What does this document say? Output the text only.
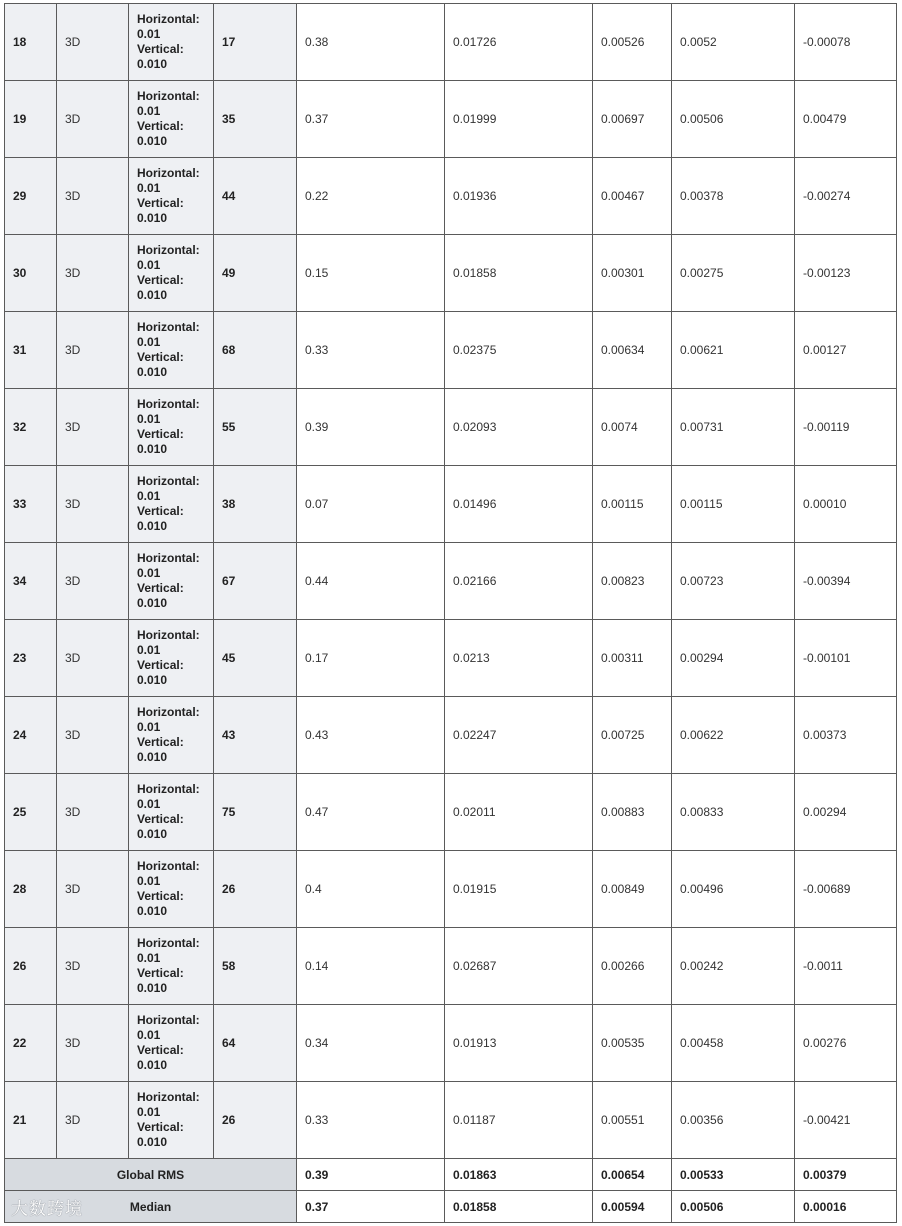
18	3D	Horizontal:
0.01
Vertical:
0.010	17	0.38	0.01726	0.00526	0.0052	-0.00078
19	3D	Horizontal:
0.01
Vertical:
0.010	35	0.37	0.01999	0.00697	0.00506	0.00479
29	3D	Horizontal:
0.01
Vertical:
0.010	44	0.22	0.01936	0.00467	0.00378	-0.00274
30	3D	Horizontal:
0.01
Vertical:
0.010	49	0.15	0.01858	0.00301	0.00275	-0.00123
31	3D	Horizontal:
0.01
Vertical:
0.010	68	0.33	0.02375	0.00634	0.00621	0.00127
32	3D	Horizontal:
0.01
Vertical:
0.010	55	0.39	0.02093	0.0074	0.00731	-0.00119
33	3D	Horizontal:
0.01
Vertical:
0.010	38	0.07	0.01496	0.00115	0.00115	0.00010
34	3D	Horizontal:
0.01
Vertical:
0.010	67	0.44	0.02166	0.00823	0.00723	-0.00394
23	3D	Horizontal:
0.01
Vertical:
0.010	45	0.17	0.0213	0.00311	0.00294	-0.00101
24	3D	Horizontal:
0.01
Vertical:
0.010	43	0.43	0.02247	0.00725	0.00622	0.00373
25	3D	Horizontal:
0.01
Vertical:
0.010	75	0.47	0.02011	0.00883	0.00833	0.00294
28	3D	Horizontal:
0.01
Vertical:
0.010	26	0.4	0.01915	0.00849	0.00496	-0.00689
26	3D	Horizontal:
0.01
Vertical:
0.010	58	0.14	0.02687	0.00266	0.00242	-0.0011
22	3D	Horizontal:
0.01
Vertical:
0.010	64	0.34	0.01913	0.00535	0.00458	0.00276
21	3D	Horizontal:
0.01
Vertical:
0.010	26	0.33	0.01187	0.00551	0.00356	-0.00421
Global RMS				0.39	0.01863	0.00654	0.00533	0.00379

大数跨境 Median				0.37	0.01858	0.00594	0.00506	0.00016
